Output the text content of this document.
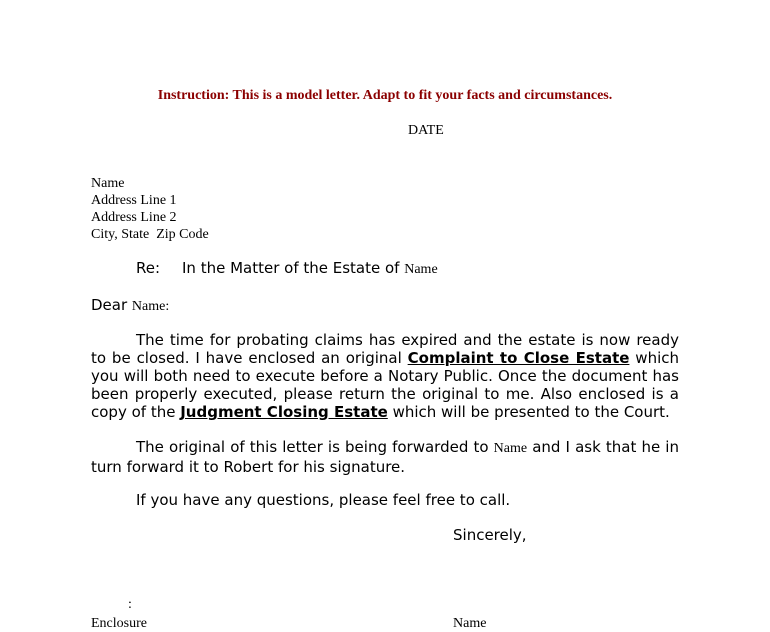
Instruction: This is a model letter. Adapt to fit your facts and circumstances.
DATE
Name
Address Line 1
Address Line 2
City, State  Zip Code
Re: In the Matter of the Estate of Name
Dear Name:
The time for probating claims has expired and the estate is now ready to be closed. I have enclosed an original Complaint to Close Estate which you will both need to execute before a Notary Public. Once the document has been properly executed, please return the original to me. Also enclosed is a copy of the Judgment Closing Estate which will be presented to the Court.
The original of this letter is being forwarded to Name and I ask that he in turn forward it to Robert for his signature.
If you have any questions, please feel free to call.
Sincerely,
:
Enclosure	Name
